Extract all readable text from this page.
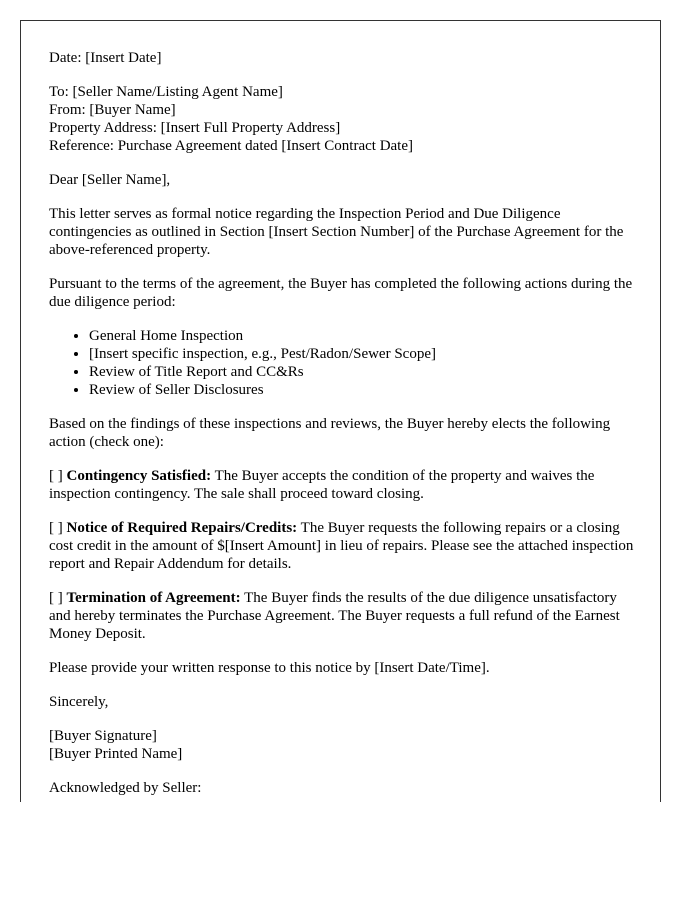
Date: [Insert Date]

To: [Seller Name/Listing Agent Name]

From: [Buyer Name]

Property Address: [Insert Full Property Address]

Reference: Purchase Agreement dated [Insert Contract Date]

Dear [Seller Name],

This letter serves as formal notice regarding the Inspection Period and Due Diligence contingencies as outlined in Section [Insert Section Number] of the Purchase Agreement for the above-referenced property.

Pursuant to the terms of the agreement, the Buyer has completed the following actions during the due diligence period:

• General Home Inspection
• [Insert specific inspection, e.g., Pest/Radon/Sewer Scope]
• Review of Title Report and CC&Rs
• Review of Seller Disclosures

Based on the findings of these inspections and reviews, the Buyer hereby elects the following action (check one):

[ ] Contingency Satisfied: The Buyer accepts the condition of the property and waives the inspection contingency. The sale shall proceed toward closing.

[ ] Notice of Required Repairs/Credits: The Buyer requests the following repairs or a closing cost credit in the amount of $[Insert Amount] in lieu of repairs. Please see the attached inspection report and Repair Addendum for details.

[ ] Termination of Agreement: The Buyer finds the results of the due diligence unsatisfactory and hereby terminates the Purchase Agreement. The Buyer requests a full refund of the Earnest Money Deposit.

Please provide your written response to this notice by [Insert Date/Time].

Sincerely,

[Buyer Signature]

[Buyer Printed Name]

Acknowledged by Seller:
